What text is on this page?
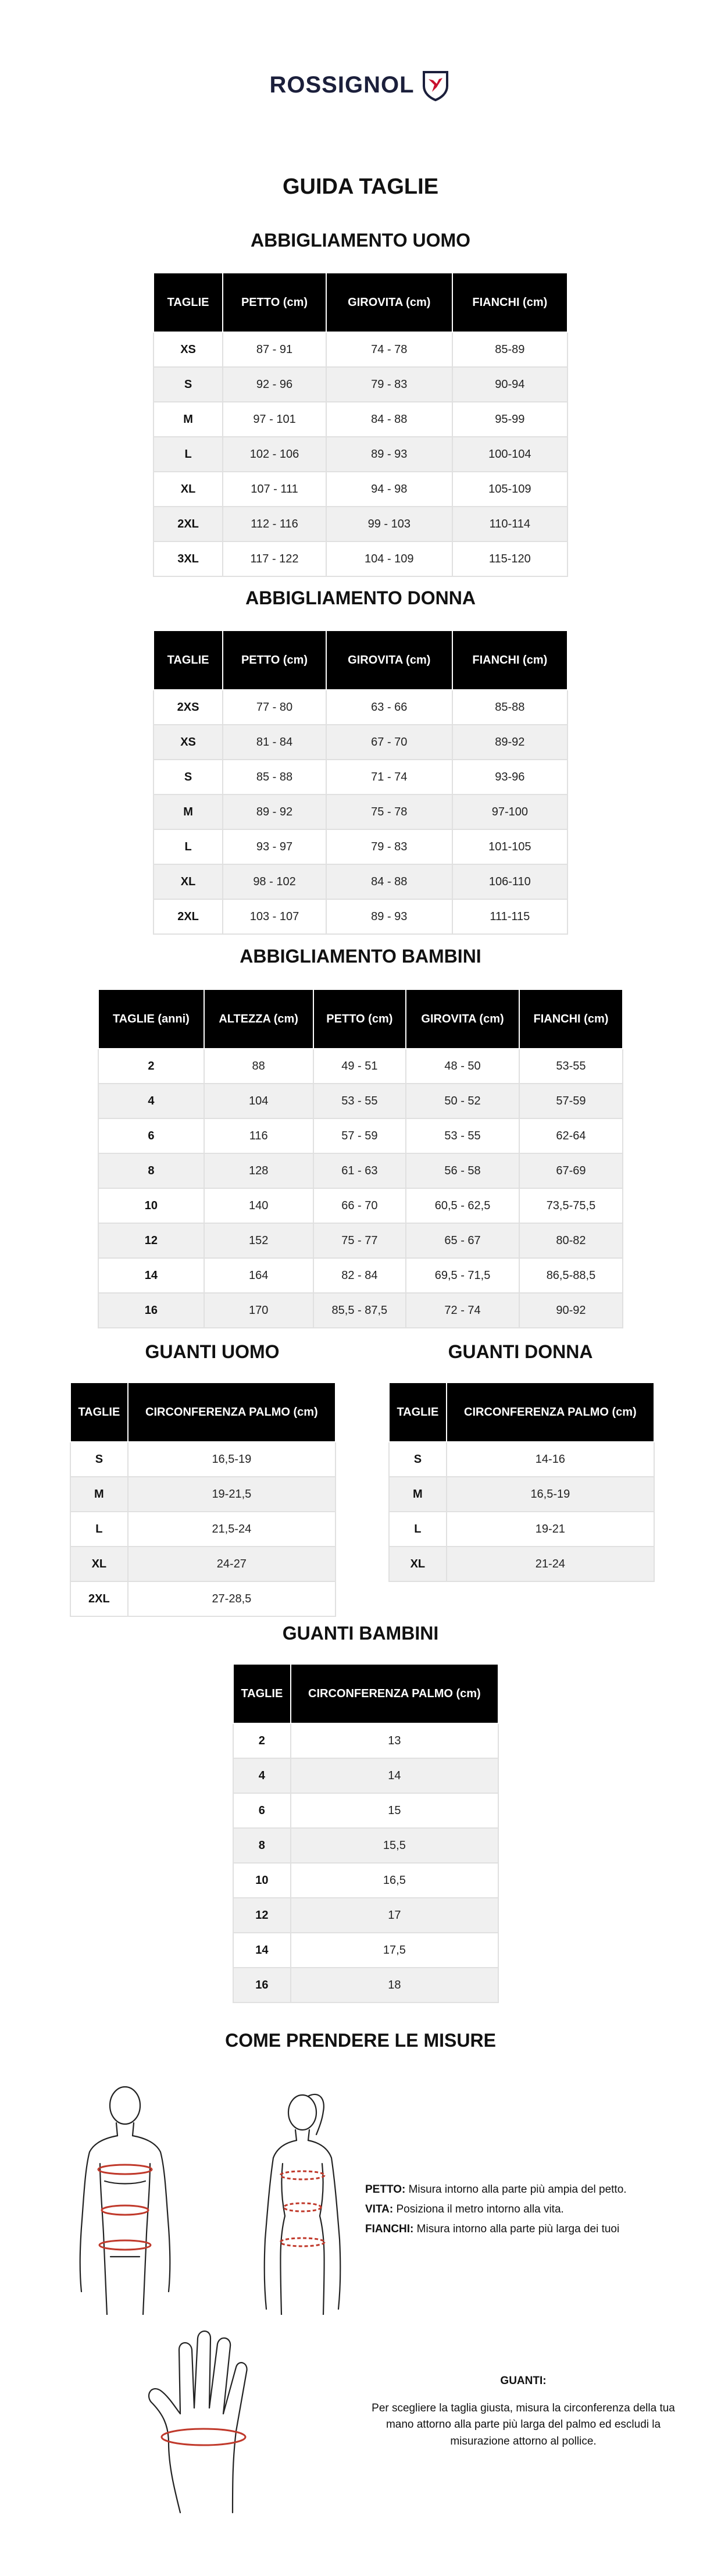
ROSSIGNOL
GUIDA TAGLIE
ABBIGLIAMENTO UOMO
TAGLIE	PETTO (cm)	GIROVITA (cm)	FIANCHI (cm)
XS	87 - 91	74 - 78	85-89
S	92 - 96	79 - 83	90-94
M	97 - 101	84 - 88	95-99
L	102 - 106	89 - 93	100-104
XL	107 - 111	94 - 98	105-109
2XL	112 - 116	99 - 103	110-114
3XL	117 - 122	104 - 109	115-120
ABBIGLIAMENTO DONNA
TAGLIE	PETTO (cm)	GIROVITA (cm)	FIANCHI (cm)
2XS	77 - 80	63 - 66	85-88
XS	81 - 84	67 - 70	89-92
S	85 - 88	71 - 74	93-96
M	89 - 92	75 - 78	97-100
L	93 - 97	79 - 83	101-105
XL	98 - 102	84 - 88	106-110
2XL	103 - 107	89 - 93	111-115
ABBIGLIAMENTO BAMBINI
TAGLIE (anni)	ALTEZZA (cm)	PETTO (cm)	GIROVITA (cm)	FIANCHI (cm)
2	88	49 - 51	48 - 50	53-55
4	104	53 - 55	50 - 52	57-59
6	116	57 - 59	53 - 55	62-64
8	128	61 - 63	56 - 58	67-69
10	140	66 - 70	60,5 - 62,5	73,5-75,5
12	152	75 - 77	65 - 67	80-82
14	164	82 - 84	69,5 - 71,5	86,5-88,5
16	170	85,5 - 87,5	72 - 74	90-92
GUANTI UOMO
TAGLIE	CIRCONFERENZA PALMO (cm)
S	16,5-19
M	19-21,5
L	21,5-24
XL	24-27
2XL	27-28,5
GUANTI DONNA
TAGLIE	CIRCONFERENZA PALMO (cm)
S	14-16
M	16,5-19
L	19-21
XL	21-24
GUANTI BAMBINI
TAGLIE	CIRCONFERENZA PALMO (cm)
2	13
4	14
6	15
8	15,5
10	16,5
12	17
14	17,5
16	18
COME PRENDERE LE MISURE
PETTO: Misura intorno alla parte più ampia del petto.
VITA: Posiziona il metro intorno alla vita.
FIANCHI: Misura intorno alla parte più larga dei tuoi
GUANTI:
Per scegliere la taglia giusta, misura la circonferenza della tua mano attorno alla parte più larga del palmo ed escludi la misurazione attorno al pollice.
